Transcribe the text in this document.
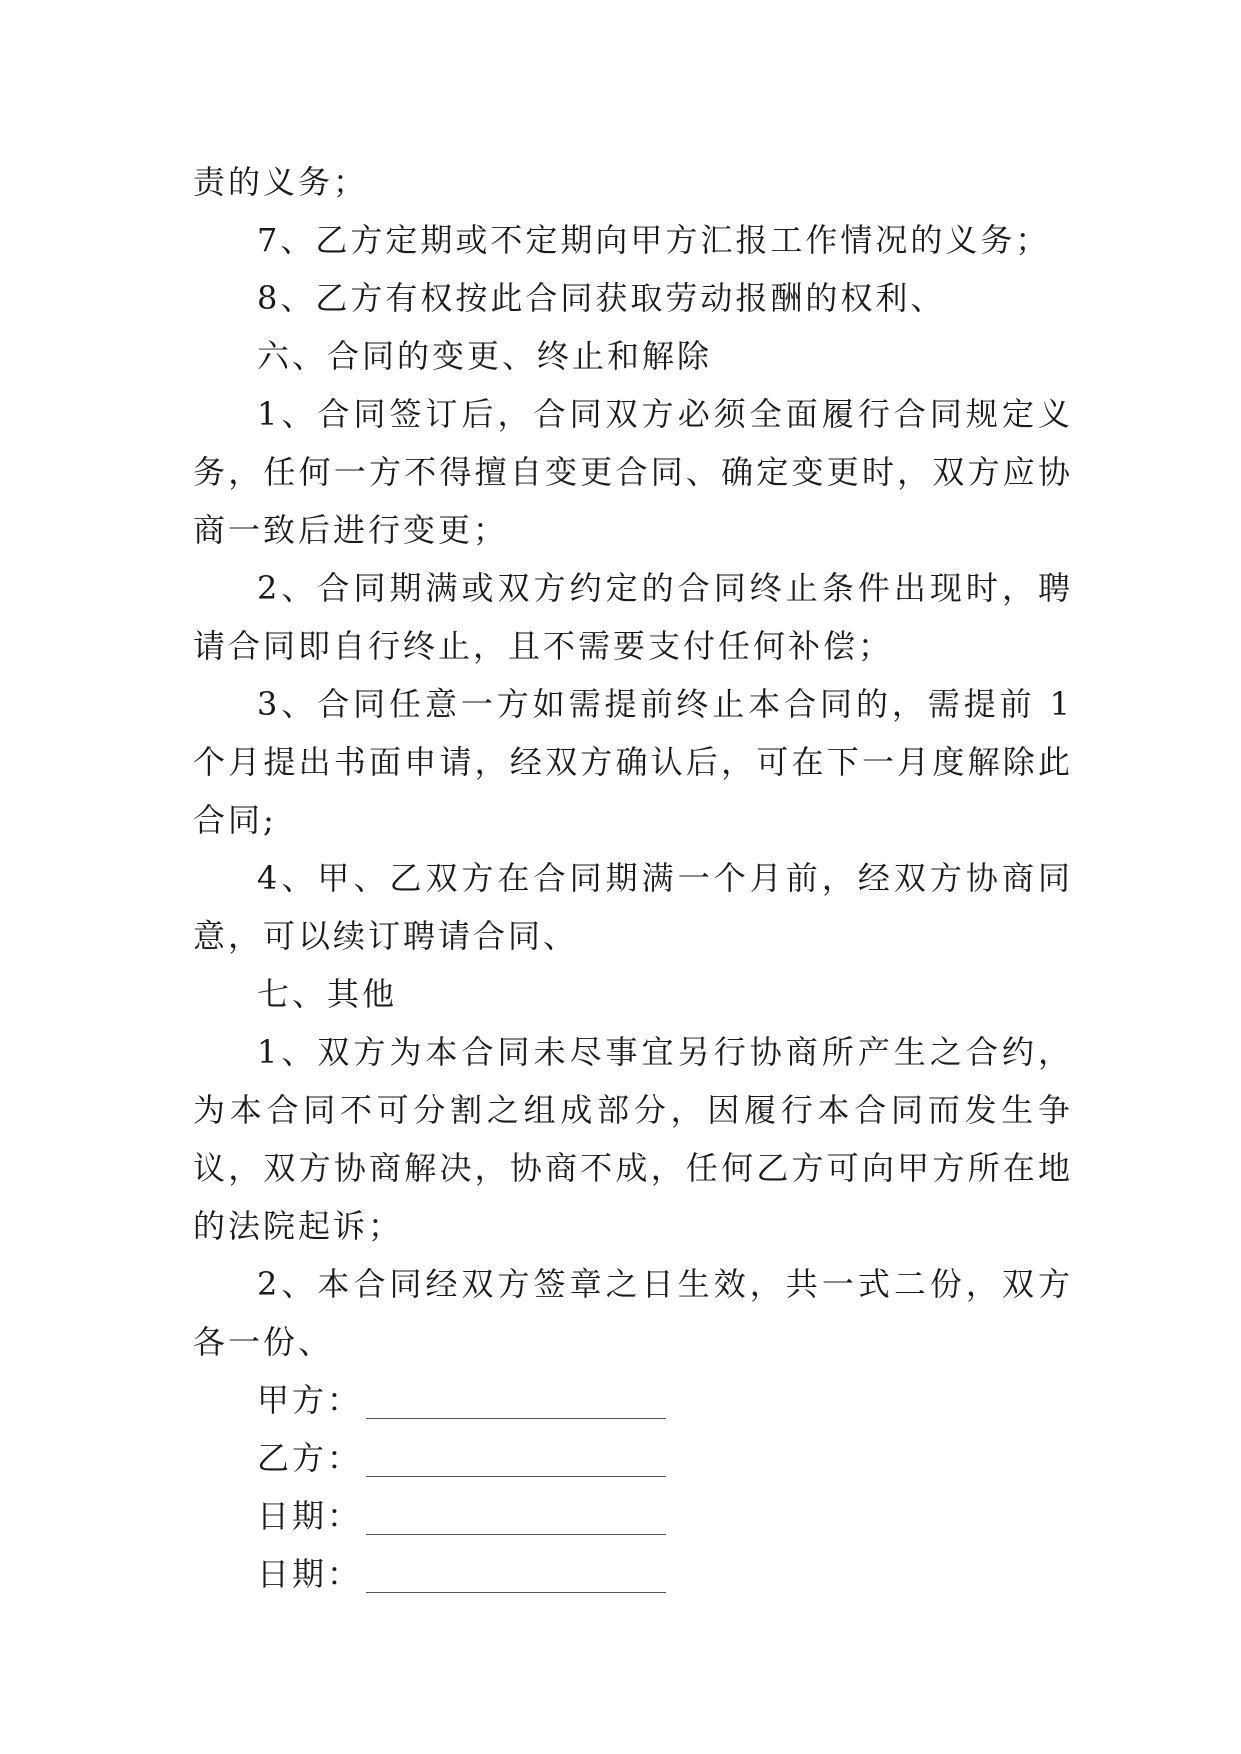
责的义务；

7、乙方定期或不定期向甲方汇报工作情况的义务；

8、乙方有权按此合同获取劳动报酬的权利、

六、合同的变更、终止和解除

1、合同签订后，合同双方必须全面履行合同规定义务，任何一方不得擅自变更合同、确定变更时，双方应协商一致后进行变更；

2、合同期满或双方约定的合同终止条件出现时，聘请合同即自行终止，且不需要支付任何补偿；

3、合同任意一方如需提前终止本合同的，需提前 1 个月提出书面申请，经双方确认后，可在下一月度解除此合同;

4、甲、乙双方在合同期满一个月前，经双方协商同意，可以续订聘请合同、

七、其他

1、双方为本合同未尽事宜另行协商所产生之合约，为本合同不可分割之组成部分，因履行本合同而发生争议，双方协商解决，协商不成，任何乙方可向甲方所在地的法院起诉；

2、本合同经双方签章之日生效，共一式二份，双方各一份、

甲方：
乙方：
日期：
日期：
